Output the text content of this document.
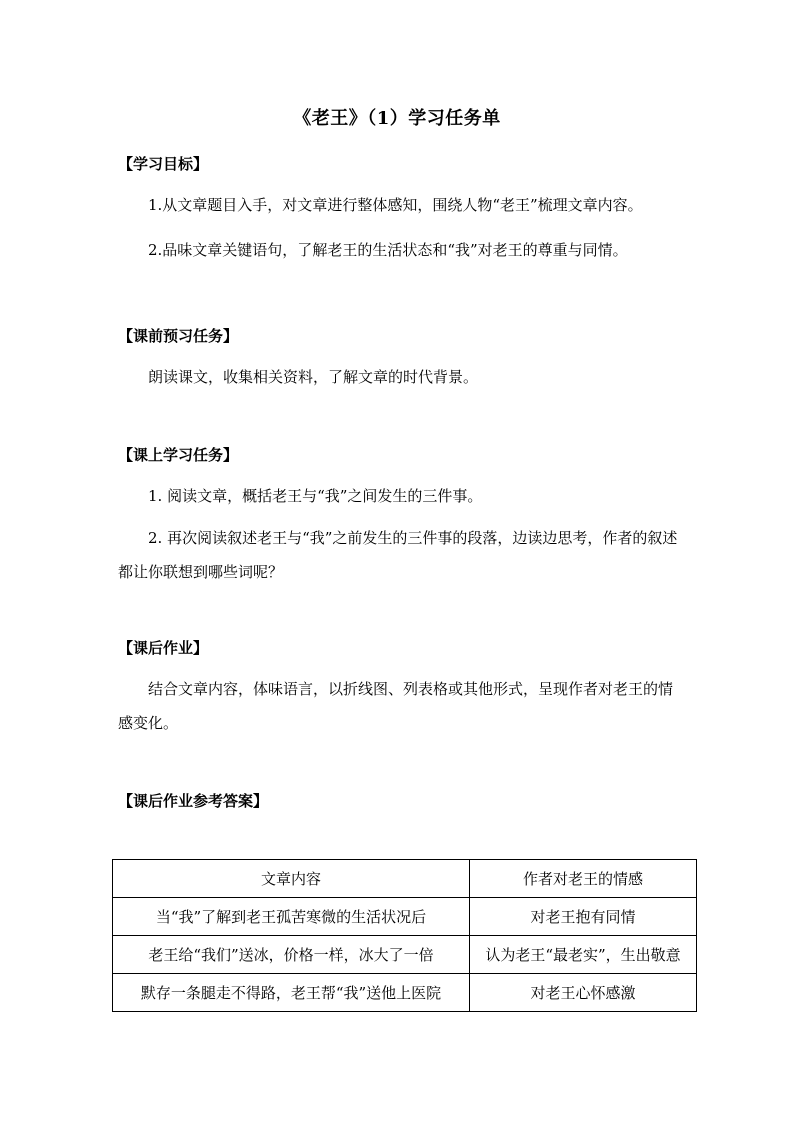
《老王》（1）学习任务单
【学习目标】
1.从文章题目入手，对文章进行整体感知，围绕人物“老王”梳理文章内容。
2.品味文章关键语句，了解老王的生活状态和“我”对老王的尊重与同情。
【课前预习任务】
朗读课文，收集相关资料，了解文章的时代背景。
【课上学习任务】
1. 阅读文章，概括老王与“我”之间发生的三件事。
2. 再次阅读叙述老王与“我”之前发生的三件事的段落，边读边思考，作者的叙述都让你联想到哪些词呢？
【课后作业】
结合文章内容，体味语言，以折线图、列表格或其他形式，呈现作者对老王的情感变化。
【课后作业参考答案】
文章内容	作者对老王的情感
当“我”了解到老王孤苦寒微的生活状况后	对老王抱有同情
老王给“我们”送冰，价格一样，冰大了一倍	认为老王“最老实”，生出敬意
默存一条腿走不得路，老王帮“我”送他上医院	对老王心怀感激
